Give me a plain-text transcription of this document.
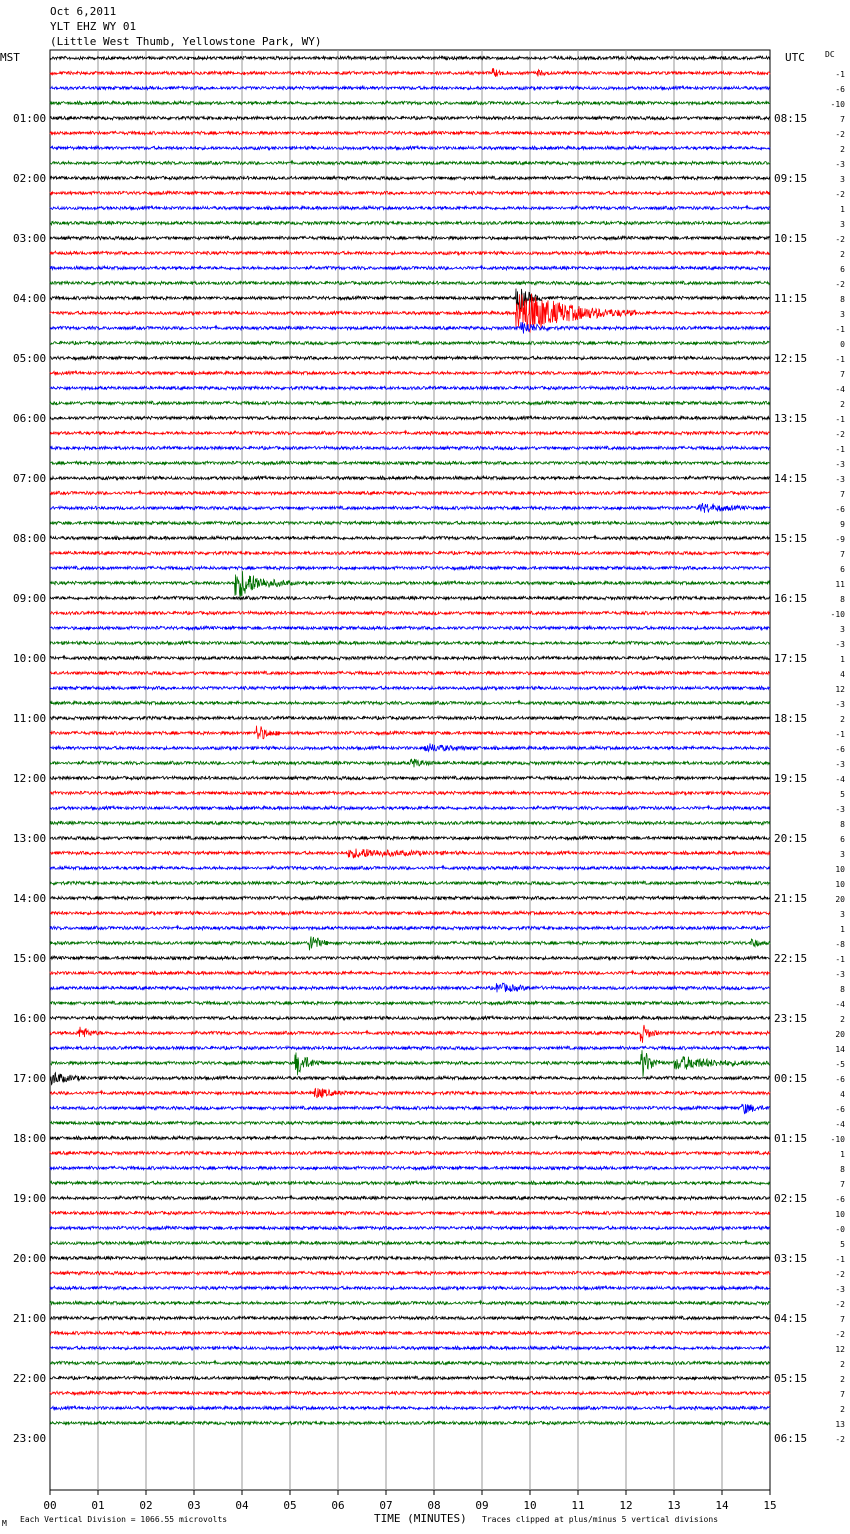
Oct 6,2011
YLT EHZ WY 01
(Little West Thumb, Yellowstone Park, WY)
MST	UTC	DC
01:00
02:00
03:00
04:00
05:00
06:00
07:00
08:00
09:00
10:00
11:00
12:00
13:00
14:00
15:00
16:00
17:00
18:00
19:00
20:00
21:00
22:00
23:00
08:15
09:15
10:15
11:15
12:15
13:15
14:15
15:15
16:15
17:15
18:15
19:15
20:15
21:15
22:15
23:15
00:15
01:15
02:15
03:15
04:15
05:15
06:15
-1
-6
-10
7
-2
2
-3
3
-2
1
3
-2
2
6
-2
8
3
-1
0
-1
7
-4
2
-1
-2
-1
-3
-3
7
-6
9
-9
7
6
11
8
-10
3
-3
1
4
12
-3
2
-1
-6
-3
-4
5
-3
8
6
3
10
10
20
3
1
-8
-1
-3
8
-4
2
20
14
-5
-6
4
-6
-4
-10
1
8
7
-6
10
-0
5
-1
-2
-3
-2
7
-2
12
2
2
7
2
13
-2
00	01	02	03	04	05	06	07	08	09	10	11	12	13	14	15
M Each Vertical Division = 1066.55 microvolts	TIME (MINUTES) Traces clipped at plus/minus 5 vertical divisions
